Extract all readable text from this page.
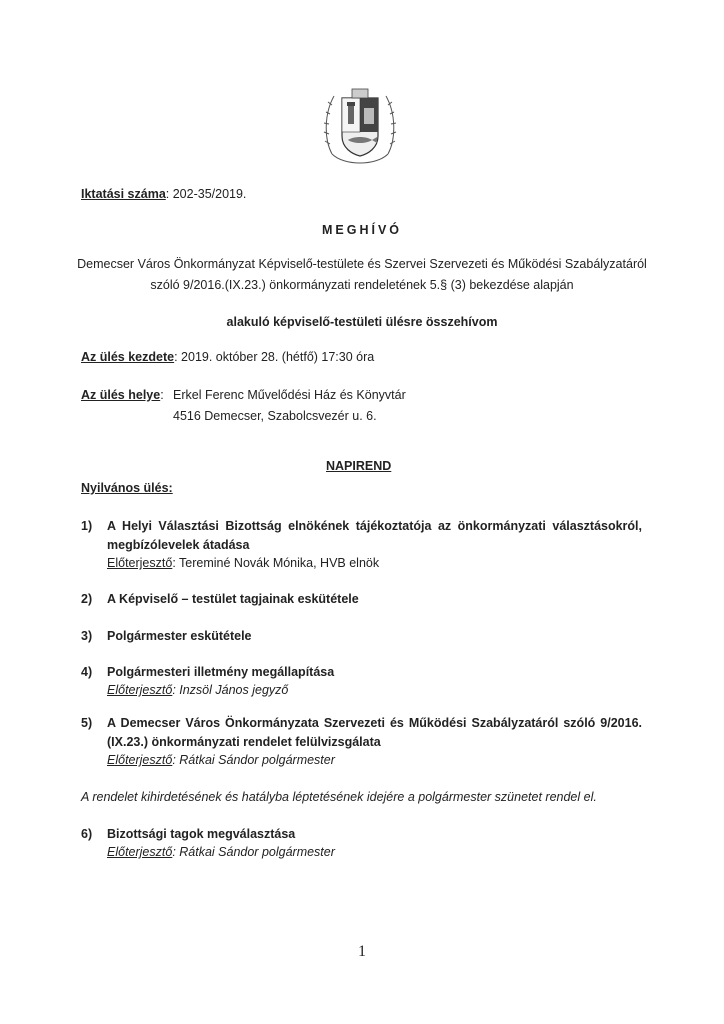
Iktatási száma: 202-35/2019.
MEGHÍVÓ
Demecser Város Önkormányzat Képviselő-testülete és Szervei Szervezeti és Működési Szabályzatáról
szóló 9/2016.(IX.23.) önkormányzati rendeletének 5.§ (3) bekezdése alapján
alakuló képviselő-testületi ülésre összehívom
Az ülés kezdete: 2019. október 28. (hétfő) 17:30 óra
Az ülés helye: Erkel Ferenc Művelődési Ház és Könyvtár
4516 Demecser, Szabolcsvezér u. 6.
NAPIREND
Nyilvános ülés:
1) A Helyi Választási Bizottság elnökének tájékoztatója az önkormányzati választásokról,
megbízólevelek átadása
Előterjesztő: Tereminé Novák Mónika, HVB elnök
2) A Képviselő – testület tagjainak eskütétele
3) Polgármester eskütétele
4) Polgármesteri illetmény megállapítása
Előterjesztő: Inzsöl János jegyző
5) A Demecser Város Önkormányzata Szervezeti és Működési Szabályzatáról szóló 9/2016.
(IX.23.) önkormányzati rendelet felülvizsgálata
Előterjesztő: Rátkai Sándor polgármester
A rendelet kihirdetésének és hatályba léptetésének idejére a polgármester szünetet rendel el.
6) Bizottsági tagok megválasztása
Előterjesztő: Rátkai Sándor polgármester
1
